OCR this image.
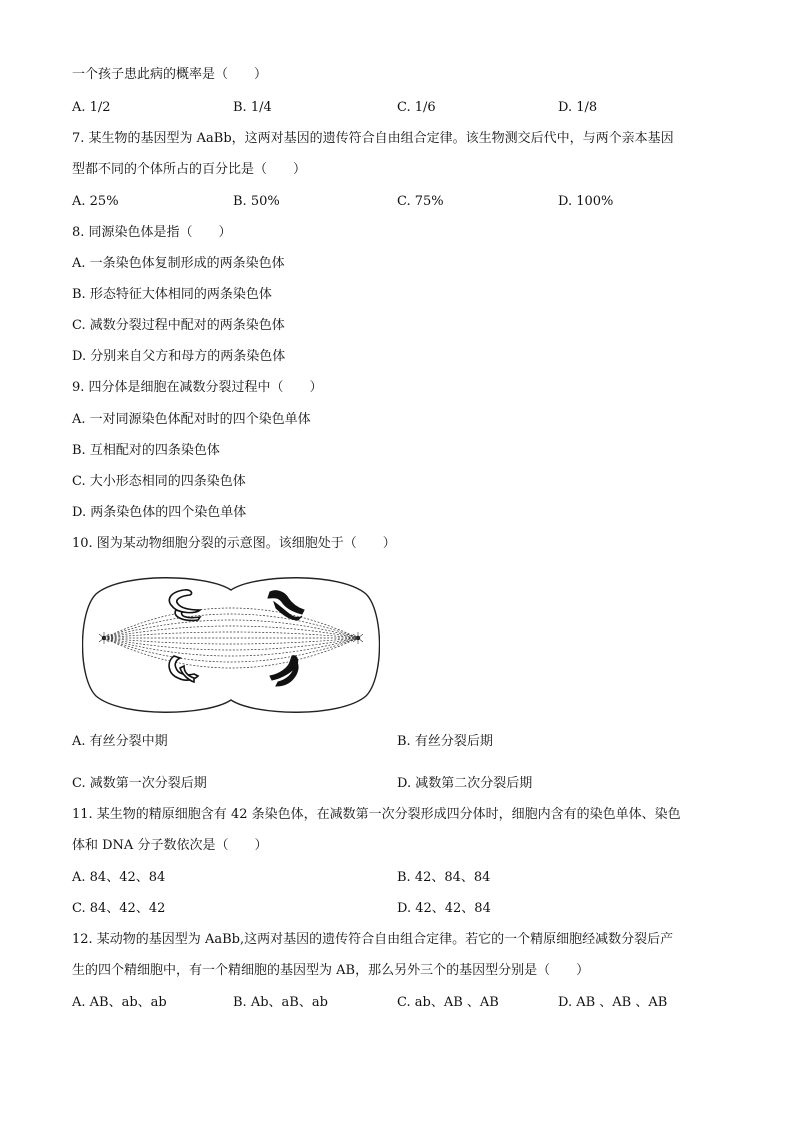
一个孩子患此病的概率是（　　）
A. 1/2	B. 1/4	C. 1/6	D. 1/8
7. 某生物的基因型为 AaBb，这两对基因的遗传符合自由组合定律。该生物测交后代中，与两个亲本基因
型都不同的个体所占的百分比是（　　）
A. 25%	B. 50%	C. 75%	D. 100%
8. 同源染色体是指（　　）
A. 一条染色体复制形成的两条染色体
B. 形态特征大体相同的两条染色体
C. 减数分裂过程中配对的两条染色体
D. 分别来自父方和母方的两条染色体
9. 四分体是细胞在减数分裂过程中（　　）
A. 一对同源染色体配对时的四个染色单体
B. 互相配对的四条染色体
C. 大小形态相同的四条染色体
D. 两条染色体的四个染色单体
10. 图为某动物细胞分裂的示意图。该细胞处于（　　）
A. 有丝分裂中期	B. 有丝分裂后期
C. 减数第一次分裂后期	D. 减数第二次分裂后期
11. 某生物的精原细胞含有 42 条染色体，在减数第一次分裂形成四分体时，细胞内含有的染色单体、染色
体和 DNA 分子数依次是（　　）
A. 84、42、84	B. 42、84、84
C. 84、42、42	D. 42、42、84
12. 某动物的基因型为 AaBb,这两对基因的遗传符合自由组合定律。若它的一个精原细胞经减数分裂后产
生的四个精细胞中，有一个精细胞的基因型为 AB，那么另外三个的基因型分别是（　　）
A. AB、ab、ab	B. Ab、aB、ab	C. ab、AB 、AB	D. AB 、AB 、AB
